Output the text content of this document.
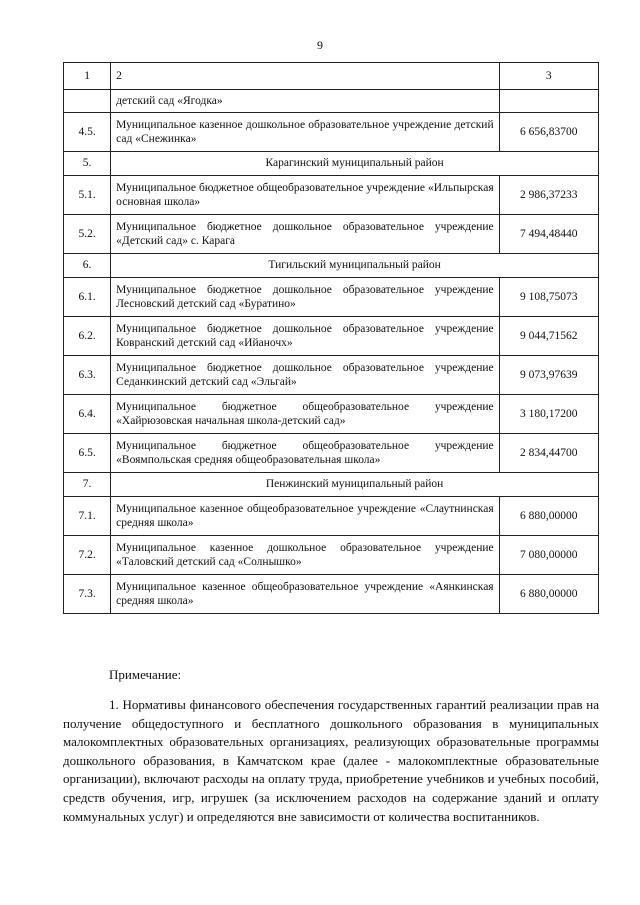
9
1	2	3
	детский сад «Ягодка»	
4.5.	Муниципальное казенное дошкольное образовательное учреждение детский сад «Снежинка»	6 656,83700
5.	Карагинский муниципальный район	
5.1.	Муниципальное бюджетное общеобразовательное учреждение «Ильпырская основная школа»	2 986,37233
5.2.	Муниципальное бюджетное дошкольное образовательное учреждение «Детский сад» с. Карага	7 494,48440
6.	Тигильский муниципальный район	
6.1.	Муниципальное бюджетное дошкольное образовательное учреждение Лесновский детский сад «Буратино»	9 108,75073
6.2.	Муниципальное бюджетное дошкольное образовательное учреждение Ковранский детский сад «Ийаночх»	9 044,71562
6.3.	Муниципальное бюджетное дошкольное образовательное учреждение Седанкинский детский сад «Эльгай»	9 073,97639
6.4.	Муниципальное бюджетное общеобразовательное учреждение «Хайрюзовская начальная школа-детский сад»	3 180,17200
6.5.	Муниципальное бюджетное общеобразовательное учреждение «Воямпольская средняя общеобразовательная школа»	2 834,44700
7.	Пенжинский муниципальный район	
7.1.	Муниципальное казенное общеобразовательное учреждение «Слаутнинская средняя школа»	6 880,00000
7.2.	Муниципальное казенное дошкольное образовательное учреждение «Таловский детский сад «Солнышко»	7 080,00000
7.3.	Муниципальное казенное общеобразовательное учреждение «Аянкинская средняя школа»	6 880,00000
Примечание:
1. Нормативы финансового обеспечения государственных гарантий реализации прав на получение общедоступного и бесплатного дошкольного образования в муниципальных малокомплектных образовательных организациях, реализующих образовательные программы дошкольного образования, в Камчатском крае (далее - малокомплектные образовательные организации), включают расходы на оплату труда, приобретение учебников и учебных пособий, средств обучения, игр, игрушек (за исключением расходов на содержание зданий и оплату коммунальных услуг) и определяются вне зависимости от количества воспитанников.
